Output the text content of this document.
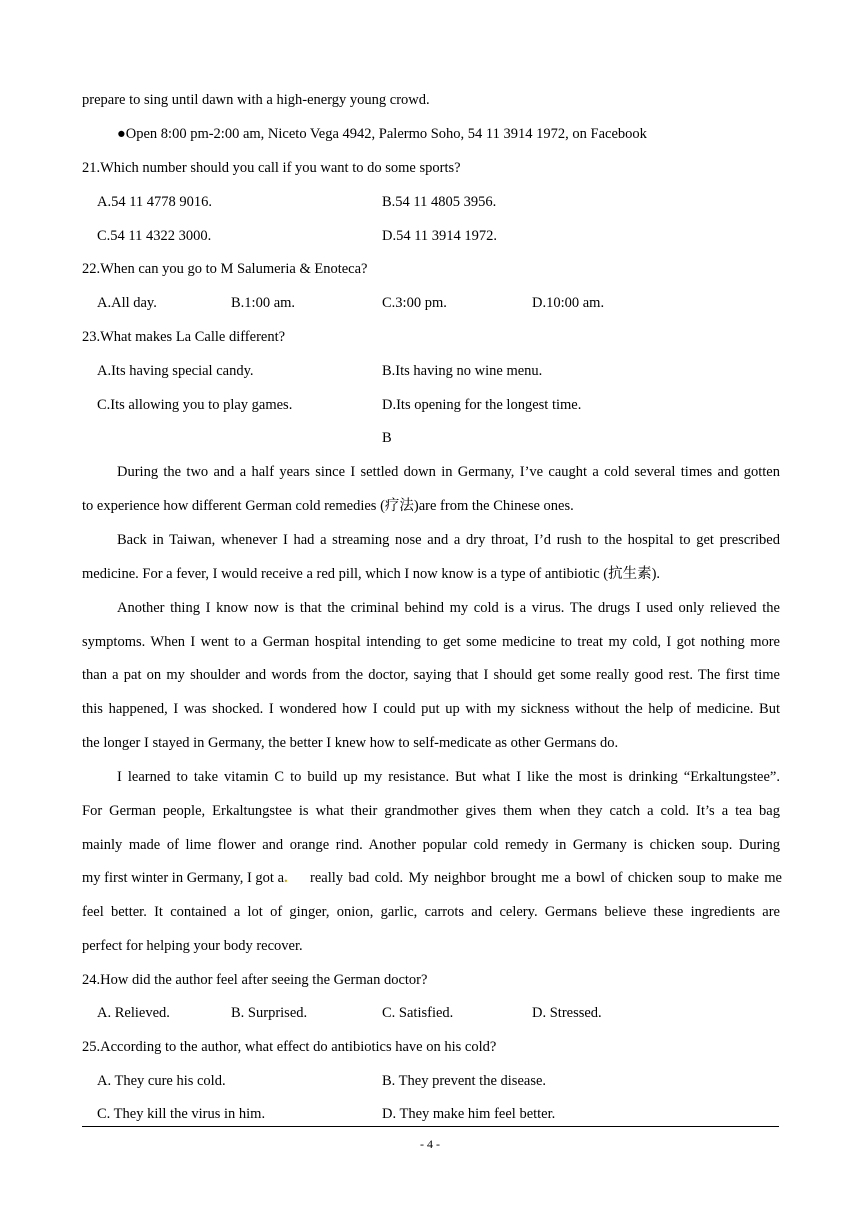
prepare to sing until dawn with a high-energy young crowd.
●Open 8:00 pm-2:00 am, Niceto Vega 4942, Palermo Soho, 54 11 3914 1972, on Facebook
21.Which number should you call if you want to do some sports?
A.54 11 4778 9016.	B.54 11 4805 3956.
C.54 11 4322 3000.	D.54 11 3914 1972.
22.When can you go to M Salumeria & Enoteca?
A.All day.	B.1:00 am.	C.3:00 pm.	D.10:00 am.
23.What makes La Calle different?
A.Its having special candy.	B.Its having no wine menu.
C.Its allowing you to play games.	D.Its opening for the longest time.
B
During the two and a half years since I settled down in Germany, I’ve caught a cold several times and gotten
to experience how different German cold remedies (疗法)are from the Chinese ones.
Back in Taiwan, whenever I had a streaming nose and a dry throat, I’d rush to the hospital to get prescribed
medicine. For a fever, I would receive a red pill, which I now know is a type of antibiotic (抗生素).
Another thing I know now is that the criminal behind my cold is a virus. The drugs I used only relieved the
symptoms. When I went to a German hospital intending to get some medicine to treat my cold, I got nothing more
than a pat on my shoulder and words from the doctor, saying that I should get some really good rest. The first time
this happened, I was shocked. I wondered how I could put up with my sickness without the help of medicine. But
the longer I stayed in Germany, the better I knew how to self-medicate as other Germans do.
I learned to take vitamin C to build up my resistance. But what I like the most is drinking “Erkaltungstee”.
For German people, Erkaltungstee is what their grandmother gives them when they catch a cold. It’s a tea bag
mainly made of lime flower and orange rind. Another popular cold remedy in Germany is chicken soup. During
my first winter in Germany, I got a. really bad cold. My neighbor brought me a bowl of chicken soup to make me
feel better. It contained a lot of ginger, onion, garlic, carrots and celery. Germans believe these ingredients are
perfect for helping your body recover.
24.How did the author feel after seeing the German doctor?
A. Relieved.	B. Surprised.	C. Satisfied.	D. Stressed.
25.According to the author, what effect do antibiotics have on his cold?
A. They cure his cold.	B. They prevent the disease.
C. They kill the virus in him.	D. They make him feel better.
- 4 -
